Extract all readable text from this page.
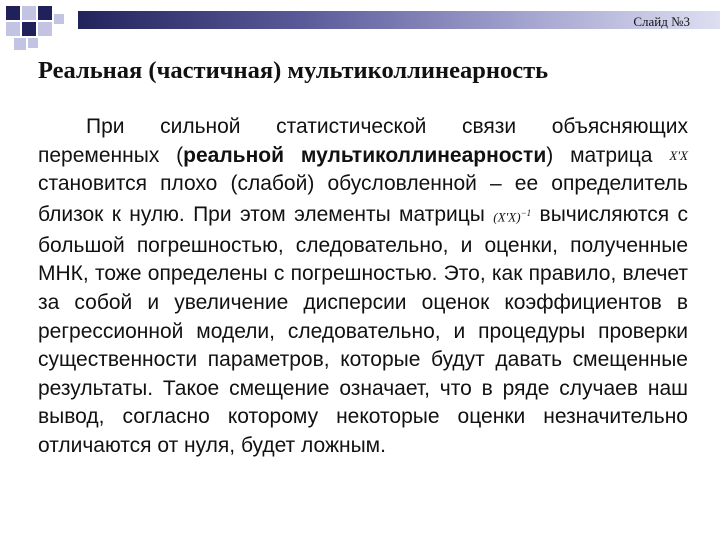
Слайд №3
Реальная (частичная) мультиколлинеарность

При сильной статистической связи объясняющих переменных (реальной мультиколлинеарности) матрица X'X становится плохо (слабой) обусловленной – ее определитель близок к нулю. При этом элементы матрицы $(X'X)^{-1}$ вычисляются с большой погрешностью, следовательно, и оценки, полученные МНК, тоже определены с погрешностью. Это, как правило, влечет за собой и увеличение дисперсии оценок коэффициентов в регрессионной модели, следовательно, и процедуры проверки существенности параметров, которые будут давать смещенные результаты. Такое смещение означает, что в ряде случаев наш вывод, согласно которому некоторые оценки незначительно отличаются от нуля, будет ложным.
